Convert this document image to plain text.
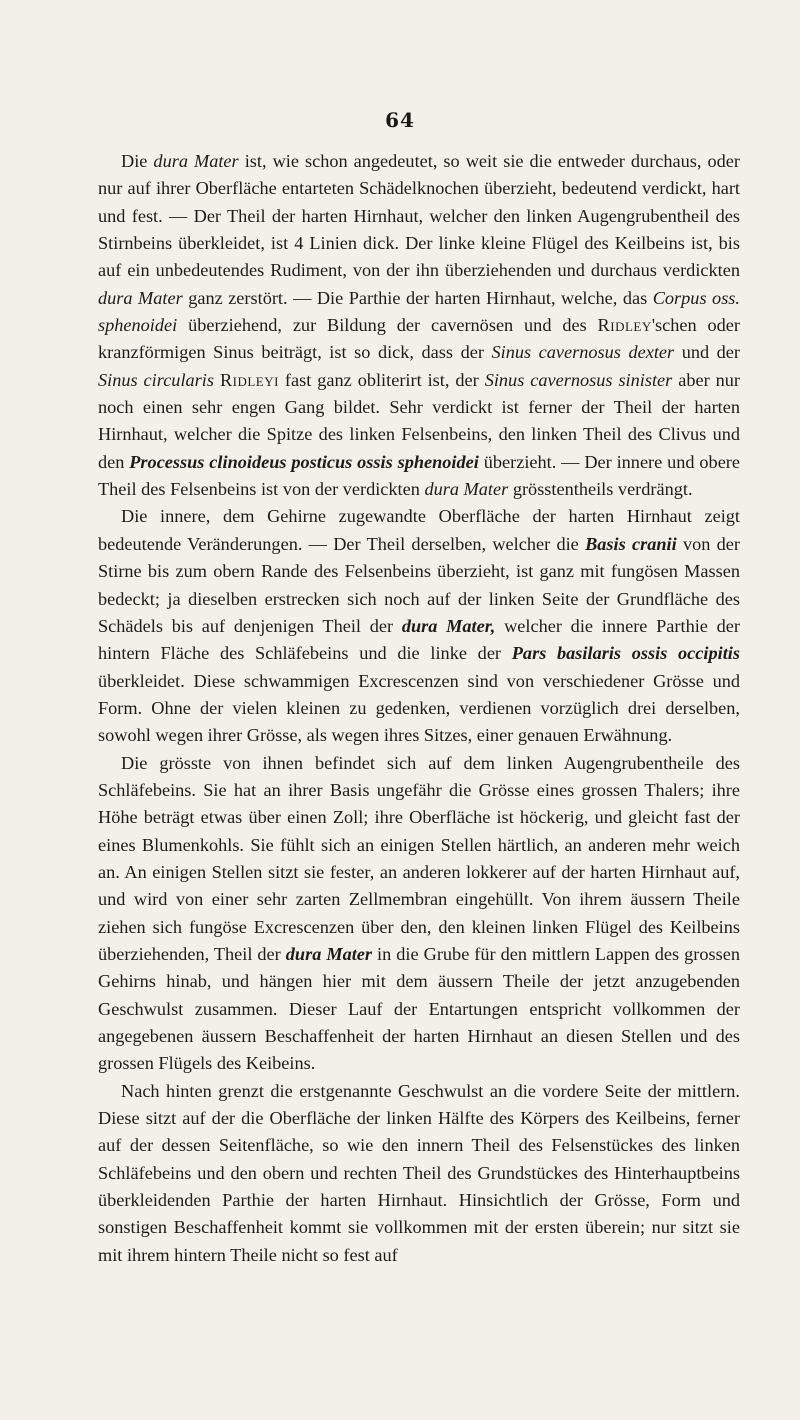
64

Die dura Mater ist, wie schon angedeutet, so weit sie die entweder durchaus, oder nur auf ihrer Oberfläche entarteten Schädelknochen überzieht, bedeutend verdickt, hart und fest. — Der Theil der harten Hirnhaut, welcher den linken Augengrubentheil des Stirnbeins überkleidet, ist 4 Linien dick. Der linke kleine Flügel des Keilbeins ist, bis auf ein unbedeutendes Rudiment, von der ihn überziehenden und durchaus verdickten dura Mater ganz zerstört. — Die Parthie der harten Hirnhaut, welche, das Corpus oss. sphenoidei überziehend, zur Bildung der cavernösen und des Ridley'schen oder kranzförmigen Sinus beiträgt, ist so dick, dass der Sinus cavernosus dexter und der Sinus circularis Ridleyi fast ganz obliterirt ist, der Sinus cavernosus sinister aber nur noch einen sehr engen Gang bildet. Sehr verdickt ist ferner der Theil der harten Hirnhaut, welcher die Spitze des linken Felsenbeins, den linken Theil des Clivus und den Processus clinoideus posticus ossis sphenoidei überzieht. — Der innere und obere Theil des Felsenbeins ist von der verdickten dura Mater grösstentheils verdrängt.

Die innere, dem Gehirne zugewandte Oberfläche der harten Hirnhaut zeigt bedeutende Veränderungen. — Der Theil derselben, welcher die Basis cranii von der Stirne bis zum obern Rande des Felsenbeins überzieht, ist ganz mit fungösen Massen bedeckt; ja dieselben erstrecken sich noch auf der linken Seite der Grundfläche des Schädels bis auf denjenigen Theil der dura Mater, welcher die innere Parthie der hintern Fläche des Schläfebeins und die linke der Pars basilaris ossis occipitis überkleidet. Diese schwammigen Excrescenzen sind von verschiedener Grösse und Form. Ohne der vielen kleinen zu gedenken, verdienen vorzüglich drei derselben, sowohl wegen ihrer Grösse, als wegen ihres Sitzes, einer genauen Erwähnung.

Die grösste von ihnen befindet sich auf dem linken Augengrubentheile des Schläfebeins. Sie hat an ihrer Basis ungefähr die Grösse eines grossen Thalers; ihre Höhe beträgt etwas über einen Zoll; ihre Oberfläche ist höckerig, und gleicht fast der eines Blumenkohls. Sie fühlt sich an einigen Stellen härtlich, an anderen mehr weich an. An einigen Stellen sitzt sie fester, an anderen lokkerer auf der harten Hirnhaut auf, und wird von einer sehr zarten Zellmembran eingehüllt. Von ihrem äussern Theile ziehen sich fungöse Excrescenzen über den, den kleinen linken Flügel des Keilbeins überziehenden, Theil der dura Mater in die Grube für den mittlern Lappen des grossen Gehirns hinab, und hängen hier mit dem äussern Theile der jetzt anzugebenden Geschwulst zusammen. Dieser Lauf der Entartungen entspricht vollkommen der angegebenen äussern Beschaffenheit der harten Hirnhaut an diesen Stellen und des grossen Flügels des Keibeins.

Nach hinten grenzt die erstgenannte Geschwulst an die vordere Seite der mittlern. Diese sitzt auf der die Oberfläche der linken Hälfte des Körpers des Keilbeins, ferner auf der dessen Seitenfläche, so wie den innern Theil des Felsenstückes des linken Schläfebeins und den obern und rechten Theil des Grundstückes des Hinterhauptbeins überkleidenden Parthie der harten Hirnhaut. Hinsichtlich der Grösse, Form und sonstigen Beschaffenheit kommt sie vollkommen mit der ersten überein; nur sitzt sie mit ihrem hintern Theile nicht so fest auf
